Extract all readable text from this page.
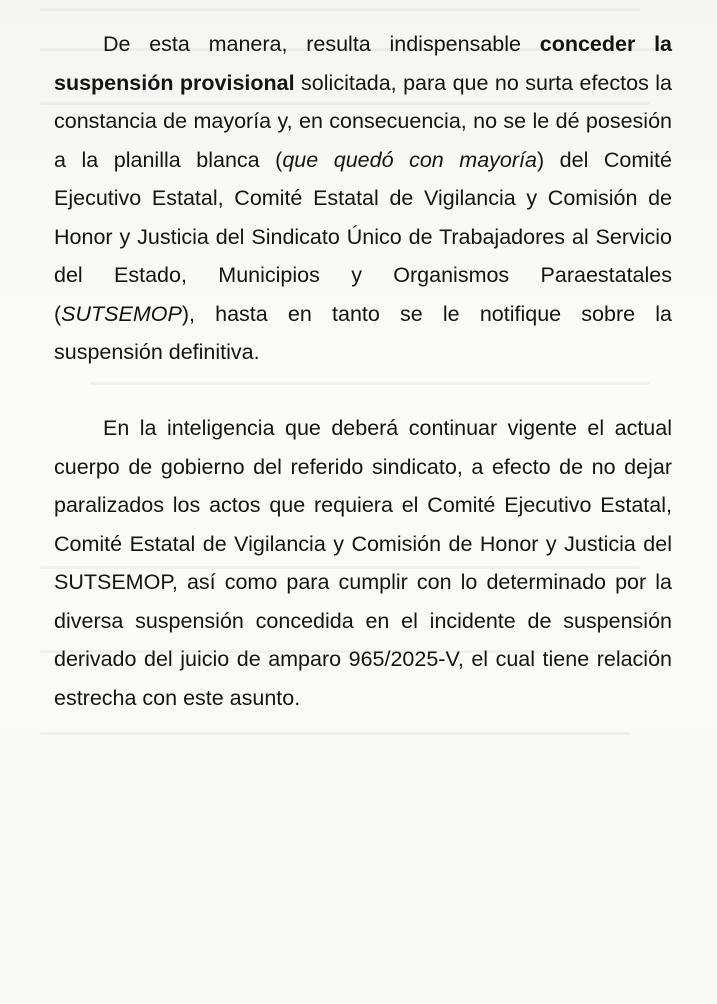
De esta manera, resulta indispensable conceder la suspensión provisional solicitada, para que no surta efectos la constancia de mayoría y, en consecuencia, no se le dé posesión a la planilla blanca (que quedó con mayoría) del Comité Ejecutivo Estatal, Comité Estatal de Vigilancia y Comisión de Honor y Justicia del Sindicato Único de Trabajadores al Servicio del Estado, Municipios y Organismos Paraestatales (SUTSEMOP), hasta en tanto se le notifique sobre la suspensión definitiva.

En la inteligencia que deberá continuar vigente el actual cuerpo de gobierno del referido sindicato, a efecto de no dejar paralizados los actos que requiera el Comité Ejecutivo Estatal, Comité Estatal de Vigilancia y Comisión de Honor y Justicia del SUTSEMOP, así como para cumplir con lo determinado por la diversa suspensión concedida en el incidente de suspensión derivado del juicio de amparo 965/2025-V, el cual tiene relación estrecha con este asunto.
